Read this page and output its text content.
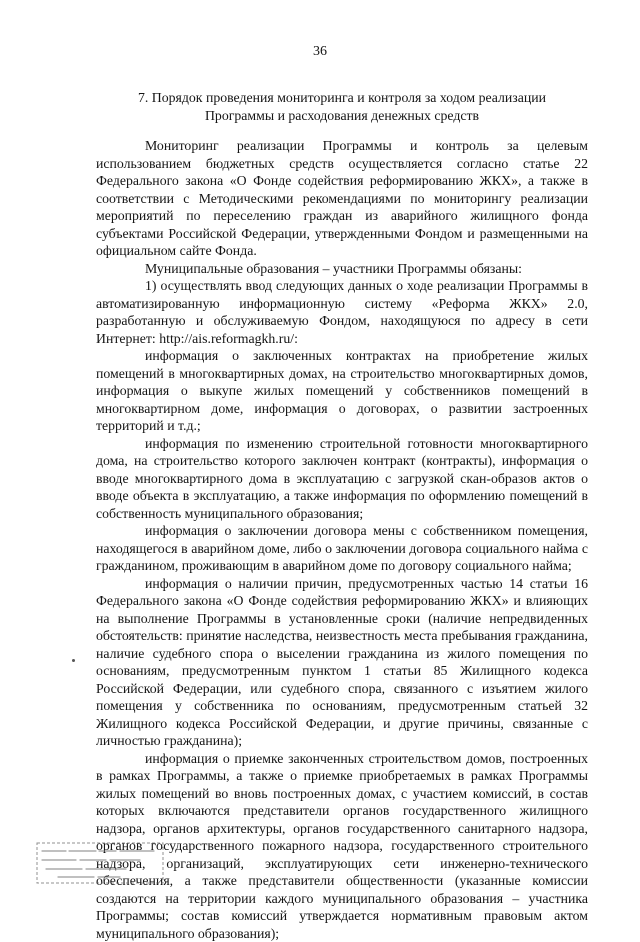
36
7. Порядок проведения мониторинга и контроля за ходом реализации
Программы и расходования денежных средств

Мониторинг реализации Программы и контроль за целевым использованием бюджетных средств осуществляется согласно статье 22 Федерального закона «О Фонде содействия реформированию ЖКХ», а также в соответствии с Методическими рекомендациями по мониторингу реализации мероприятий по переселению граждан из аварийного жилищного фонда субъектами Российской Федерации, утвержденными Фондом и размещенными на официальном сайте Фонда.

Муниципальные образования – участники Программы обязаны:

1) осуществлять ввод следующих данных о ходе реализации Программы в автоматизированную информационную систему «Реформа ЖКХ» 2.0, разработанную и обслуживаемую Фондом, находящуюся по адресу в сети Интернет: http://ais.reformagkh.ru/:

информация о заключенных контрактах на приобретение жилых помещений в многоквартирных домах, на строительство многоквартирных домов, информация о выкупе жилых помещений у собственников помещений в многоквартирном доме, информация о договорах, о развитии застроенных территорий и т.д.;

информация по изменению строительной готовности многоквартирного дома, на строительство которого заключен контракт (контракты), информация о вводе многоквартирного дома в эксплуатацию с загрузкой скан-образов актов о вводе объекта в эксплуатацию, а также информация по оформлению помещений в собственность муниципального образования;

информация о заключении договора мены с собственником помещения, находящегося в аварийном доме, либо о заключении договора социального найма с гражданином, проживающим в аварийном доме по договору социального найма;

информация о наличии причин, предусмотренных частью 14 статьи 16 Федерального закона «О Фонде содействия реформированию ЖКХ» и влияющих на выполнение Программы в установленные сроки (наличие непредвиденных обстоятельств: принятие наследства, неизвестность места пребывания гражданина, наличие судебного спора о выселении гражданина из жилого помещения по основаниям, предусмотренным пунктом 1 статьи 85 Жилищного кодекса Российской Федерации, или судебного спора, связанного с изъятием жилого помещения у собственника по основаниям, предусмотренным статьей 32 Жилищного кодекса Российской Федерации, и другие причины, связанные с личностью гражданина);

информация о приемке законченных строительством домов, построенных в рамках Программы, а также о приемке приобретаемых в рамках Программы жилых помещений во вновь построенных домах, с участием комиссий, в состав которых включаются представители органов государственного жилищного надзора, органов архитектуры, органов государственного санитарного надзора, органов государственного пожарного надзора, государственного строительного надзора, организаций, эксплуатирующих сети инженерно-технического обеспечения, а также представители общественности (указанные комиссии создаются на территории каждого муниципального образования – участника Программы; состав комиссий утверждается нормативным правовым актом муниципального образования);
